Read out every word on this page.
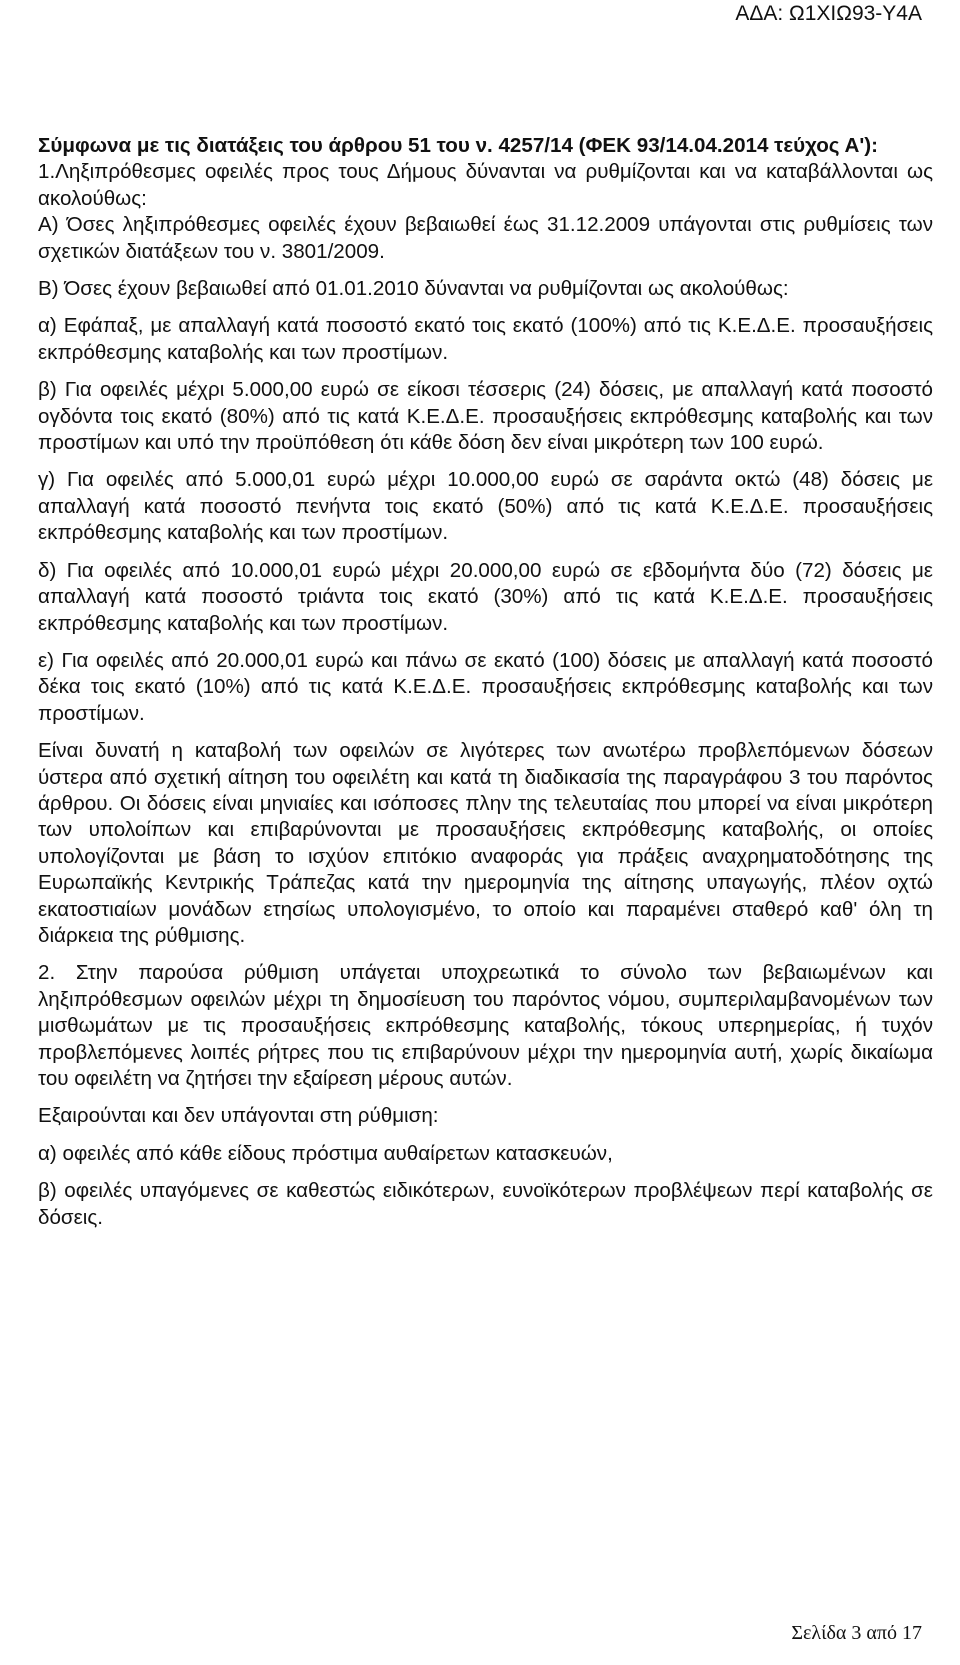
ΑΔΑ: Ω1ΧΙΩ93-Υ4Α

Σύμφωνα με τις διατάξεις του άρθρου 51 του ν. 4257/14 (ΦΕΚ 93/14.04.2014 τεύχος Α'):

1.Ληξιπρόθεσμες οφειλές προς τους Δήμους δύνανται να ρυθμίζονται και να καταβάλλονται ως ακολούθως:

Α) Όσες ληξιπρόθεσμες οφειλές έχουν βεβαιωθεί έως 31.12.2009 υπάγονται στις ρυθμίσεις των σχετικών διατάξεων του ν. 3801/2009.

Β) Όσες έχουν βεβαιωθεί από 01.01.2010 δύνανται να ρυθμίζονται ως ακολούθως:

α) Εφάπαξ, με απαλλαγή κατά ποσοστό εκατό τοις εκατό (100%) από τις Κ.Ε.Δ.Ε. προσαυξήσεις εκπρόθεσμης καταβολής και των προστίμων.

β) Για οφειλές μέχρι 5.000,00 ευρώ σε είκοσι τέσσερις (24) δόσεις, με απαλλαγή κατά ποσοστό ογδόντα τοις εκατό (80%) από τις κατά Κ.Ε.Δ.Ε. προσαυξήσεις εκπρόθεσμης καταβολής και των προστίμων και υπό την προϋπόθεση ότι κάθε δόση δεν είναι μικρότερη των 100 ευρώ.

γ) Για οφειλές από 5.000,01 ευρώ μέχρι 10.000,00 ευρώ σε σαράντα οκτώ (48) δόσεις με απαλλαγή κατά ποσοστό πενήντα τοις εκατό (50%) από τις κατά Κ.Ε.Δ.Ε. προσαυξήσεις εκπρόθεσμης καταβολής και των προστίμων.

δ) Για οφειλές από 10.000,01 ευρώ μέχρι 20.000,00 ευρώ σε εβδομήντα δύο (72) δόσεις με απαλλαγή κατά ποσοστό τριάντα τοις εκατό (30%) από τις κατά Κ.Ε.Δ.Ε. προσαυξήσεις εκπρόθεσμης καταβολής και των προστίμων.

ε) Για οφειλές από 20.000,01 ευρώ και πάνω σε εκατό (100) δόσεις με απαλλαγή κατά ποσοστό δέκα τοις εκατό (10%) από τις κατά Κ.Ε.Δ.Ε. προσαυξήσεις εκπρόθεσμης καταβολής και των προστίμων.

Είναι δυνατή η καταβολή των οφειλών σε λιγότερες των ανωτέρω προβλεπόμενων δόσεων ύστερα από σχετική αίτηση του οφειλέτη και κατά τη διαδικασία της παραγράφου 3 του παρόντος άρθρου. Οι δόσεις είναι μηνιαίες και ισόποσες πλην της τελευταίας που μπορεί να είναι μικρότερη των υπολοίπων και επιβαρύνονται με προσαυξήσεις εκπρόθεσμης καταβολής, οι οποίες υπολογίζονται με βάση το ισχύον επιτόκιο αναφοράς για πράξεις αναχρηματοδότησης της Ευρωπαϊκής Κεντρικής Τράπεζας κατά την ημερομηνία της αίτησης υπαγωγής, πλέον οχτώ εκατοστιαίων μονάδων ετησίως υπολογισμένο, το οποίο και παραμένει σταθερό καθ' όλη τη διάρκεια της ρύθμισης.

2. Στην παρούσα ρύθμιση υπάγεται υποχρεωτικά το σύνολο των βεβαιωμένων και ληξιπρόθεσμων οφειλών μέχρι τη δημοσίευση του παρόντος νόμου, συμπεριλαμβανομένων των μισθωμάτων με τις προσαυξήσεις εκπρόθεσμης καταβολής, τόκους υπερημερίας, ή τυχόν προβλεπόμενες λοιπές ρήτρες που τις επιβαρύνουν μέχρι την ημερομηνία αυτή, χωρίς δικαίωμα του οφειλέτη να ζητήσει την εξαίρεση μέρους αυτών.

Εξαιρούνται και δεν υπάγονται στη ρύθμιση:

α) οφειλές από κάθε είδους πρόστιμα αυθαίρετων κατασκευών,

β) οφειλές υπαγόμενες σε καθεστώς ειδικότερων, ευνοϊκότερων προβλέψεων περί καταβολής σε δόσεις.

Σελίδα 3 από 17
